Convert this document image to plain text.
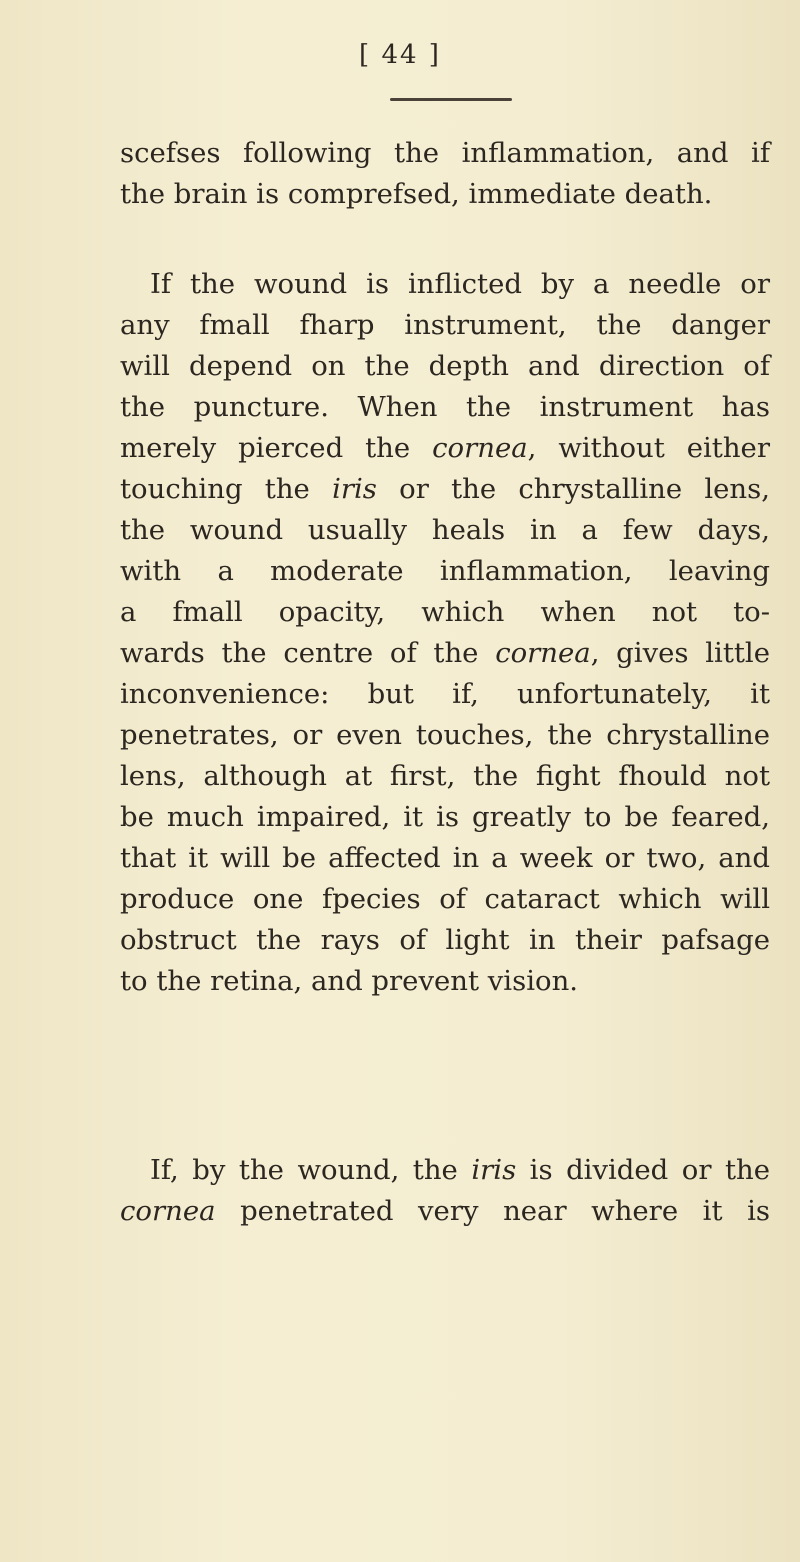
[ 44 ]
scefses following the inflammation, and if
the brain is comprefsed, immediate death.
If the wound is inflicted by a needle or
any fmall fharp instrument, the danger
will depend on the depth and direction of
the puncture. When the instrument has
merely pierced the cornea, without either
touching the iris or the chrystalline lens,
the wound usually heals in a few days,
with a moderate inflammation, leaving
a fmall opacity, which when not to-
wards the centre of the cornea, gives little
inconvenience: but if, unfortunately, it
penetrates, or even touches, the chrystalline
lens, although at first, the fight fhould not
be much impaired, it is greatly to be feared,
that it will be affected in a week or two, and
produce one fpecies of cataract which will
obstruct the rays of light in their pafsage
to the retina, and prevent vision.
If, by the wound, the iris is divided or the
cornea penetrated very near where it is
